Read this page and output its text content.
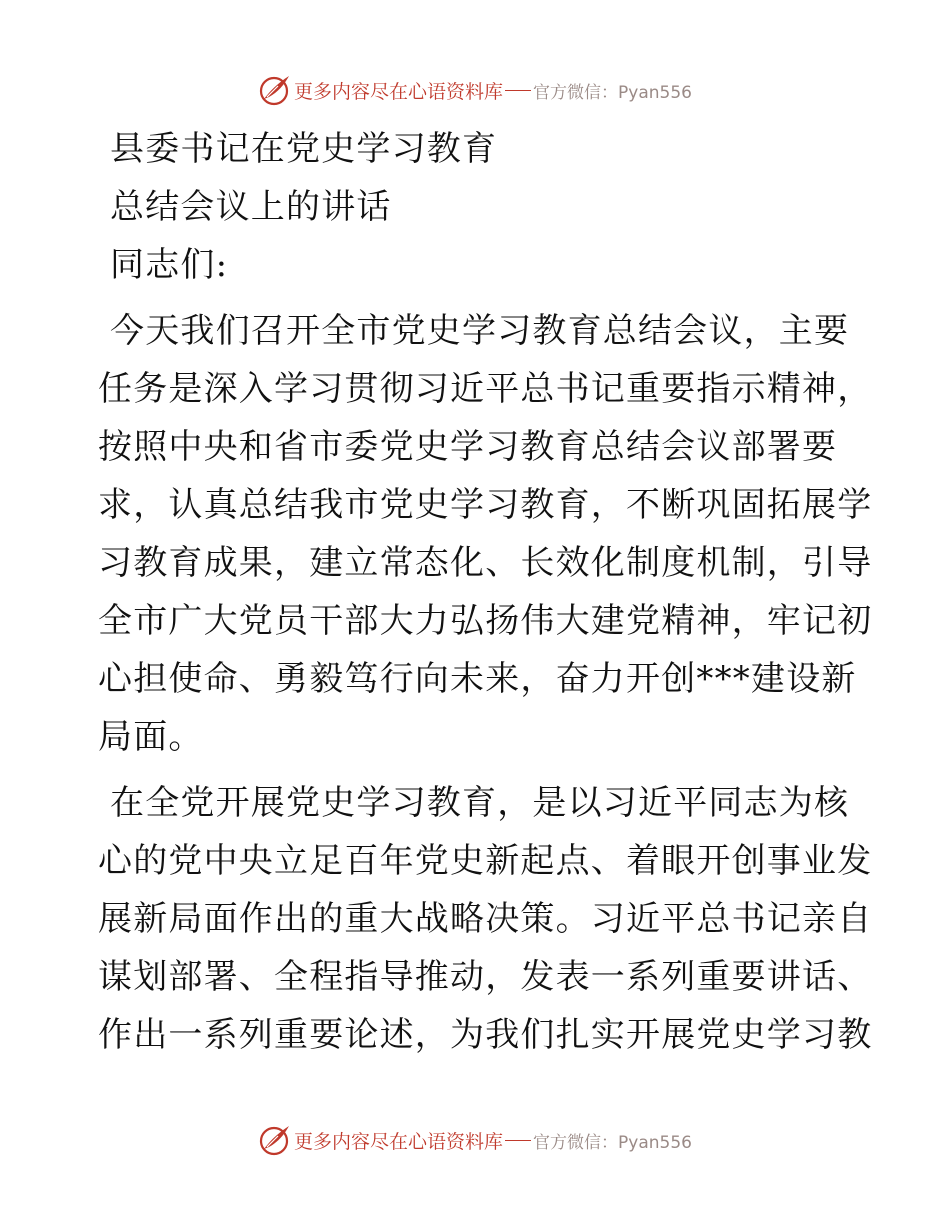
更多内容尽在心语资料库 官方微信：Pyan556
县委书记在党史学习教育
总结会议上的讲话
同志们:
今天我们召开全市党史学习教育总结会议，主要
任务是深入学习贯彻习近平总书记重要指示精神，
按照中央和省市委党史学习教育总结会议部署要
求，认真总结我市党史学习教育，不断巩固拓展学
习教育成果，建立常态化、长效化制度机制，引导
全市广大党员干部大力弘扬伟大建党精神，牢记初
心担使命、勇毅笃行向未来，奋力开创***建设新
局面。
在全党开展党史学习教育，是以习近平同志为核
心的党中央立足百年党史新起点、着眼开创事业发
展新局面作出的重大战略决策。习近平总书记亲自
谋划部署、全程指导推动，发表一系列重要讲话、
作出一系列重要论述，为我们扎实开展党史学习教
更多内容尽在心语资料库 官方微信：Pyan556
